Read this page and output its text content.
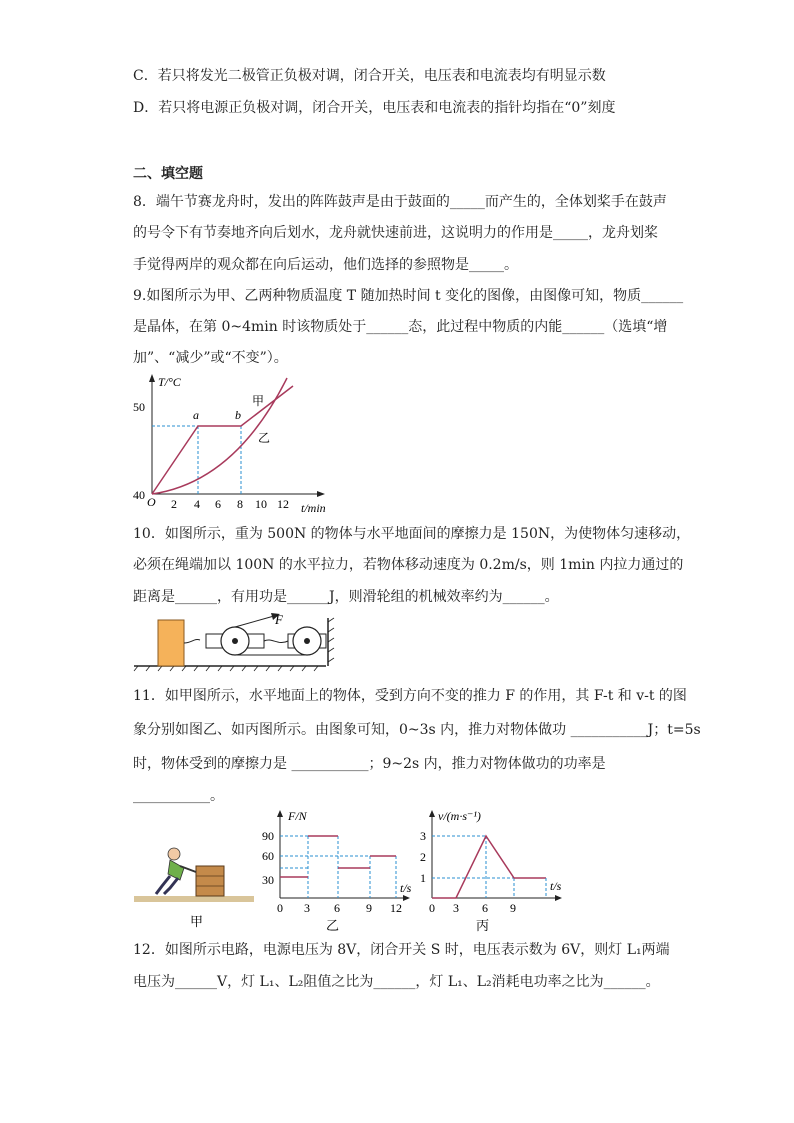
C．若只将发光二极管正负极对调，闭合开关，电压表和电流表均有明显示数
D．若只将电源正负极对调，闭合开关，电压表和电流表的指针均指在“0”刻度
二、填空题
8．端午节赛龙舟时，发出的阵阵鼓声是由于鼓面的_____而产生的，全体划桨手在鼓声
的号令下有节奏地齐向后划水，龙舟就快速前进，这说明力的作用是_____，龙舟划桨
手觉得两岸的观众都在向后运动，他们选择的参照物是_____。
9.如图所示为甲、乙两种物质温度 T 随加热时间 t 变化的图像，由图像可知，物质______
是晶体，在第 0~4min 时该物质处于______态，此过程中物质的内能______（选填“增
加”、“减少”或“不变”）。
T/°C
50
40 O 2 4 6 8 10 12 t/min
a	b
甲
乙
10．如图所示，重为 500N 的物体与水平地面间的摩擦力是 150N，为使物体匀速移动，
必须在绳端加以 100N 的水平拉力，若物体移动速度为 0.2m/s，则 1min 内拉力通过的
距离是______，有用功是______J，则滑轮组的机械效率约为______。
F
11．如甲图所示，水平地面上的物体，受到方向不变的推力 F 的作用，其 F-t 和 v-t 的图
象分别如图乙、如丙图所示。由图象可知，0~3s 内，推力对物体做功 ___________J；t=5s
时，物体受到的摩擦力是 ___________；9~2s 内，推力对物体做功的功率是
___________。
甲
F/N
90
60
30
0 3 6 9 12
t/s
乙
v/(m·s⁻¹)
3
2
1
0 3 6 9
t/s
丙
12．如图所示电路，电源电压为 8V，闭合开关 S 时，电压表示数为 6V，则灯 L₁两端
电压为______V，灯 L₁、L₂阻值之比为______，灯 L₁、L₂消耗电功率之比为______。
